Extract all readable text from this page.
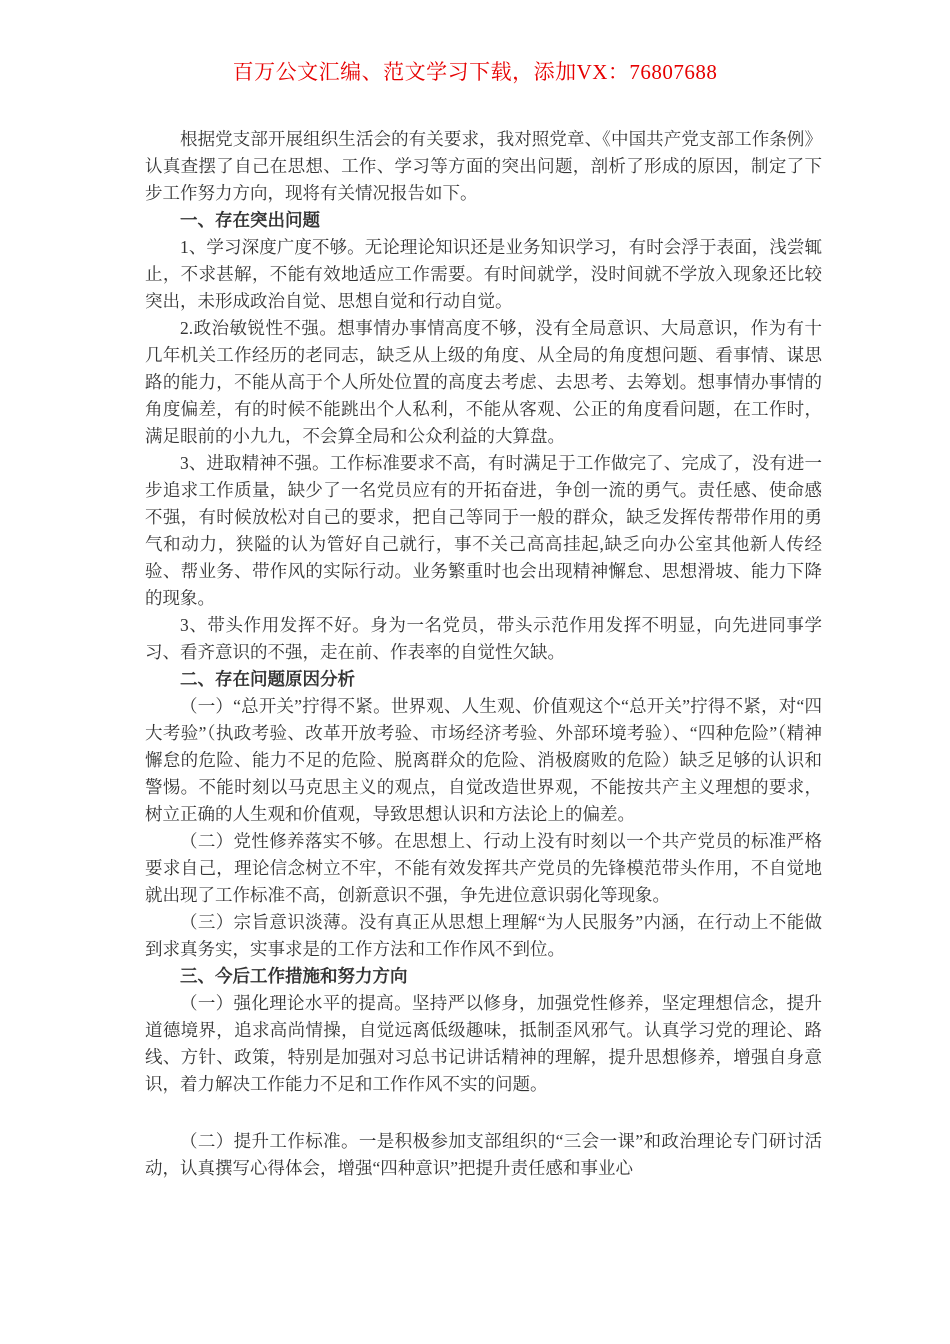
百万公文汇编、范文学习下载，添加VX：76807688

根据党支部开展组织生活会的有关要求，我对照党章、《中国共产党支部工作条例》认真查摆了自己在思想、工作、学习等方面的突出问题，剖析了形成的原因，制定了下步工作努力方向，现将有关情况报告如下。

一、存在突出问题

1、学习深度广度不够。无论理论知识还是业务知识学习，有时会浮于表面，浅尝辄止，不求甚解，不能有效地适应工作需要。有时间就学，没时间就不学放入现象还比较突出，未形成政治自觉、思想自觉和行动自觉。

2.政治敏锐性不强。想事情办事情高度不够，没有全局意识、大局意识，作为有十几年机关工作经历的老同志，缺乏从上级的角度、从全局的角度想问题、看事情、谋思路的能力，不能从高于个人所处位置的高度去考虑、去思考、去筹划。想事情办事情的角度偏差，有的时候不能跳出个人私利，不能从客观、公正的角度看问题，在工作时，满足眼前的小九九，不会算全局和公众利益的大算盘。

3、进取精神不强。工作标准要求不高，有时满足于工作做完了、完成了，没有进一步追求工作质量，缺少了一名党员应有的开拓奋进，争创一流的勇气。责任感、使命感不强，有时候放松对自己的要求，把自己等同于一般的群众，缺乏发挥传帮带作用的勇气和动力，狭隘的认为管好自己就行，事不关己高高挂起,缺乏向办公室其他新人传经验、帮业务、带作风的实际行动。业务繁重时也会出现精神懈怠、思想滑坡、能力下降的现象。

3、带头作用发挥不好。身为一名党员，带头示范作用发挥不明显，向先进同事学习、看齐意识的不强，走在前、作表率的自觉性欠缺。

二、存在问题原因分析

（一）“总开关”拧得不紧。世界观、人生观、价值观这个“总开关”拧得不紧，对“四大考验”（执政考验、改革开放考验、市场经济考验、外部环境考验）、“四种危险”（精神懈怠的危险、能力不足的危险、脱离群众的危险、消极腐败的危险）缺乏足够的认识和警惕。不能时刻以马克思主义的观点，自觉改造世界观，不能按共产主义理想的要求，树立正确的人生观和价值观，导致思想认识和方法论上的偏差。

（二）党性修养落实不够。在思想上、行动上没有时刻以一个共产党员的标准严格要求自己，理论信念树立不牢，不能有效发挥共产党员的先锋模范带头作用，不自觉地就出现了工作标准不高，创新意识不强，争先进位意识弱化等现象。

（三）宗旨意识淡薄。没有真正从思想上理解“为人民服务”内涵，在行动上不能做到求真务实，实事求是的工作方法和工作作风不到位。

三、今后工作措施和努力方向

（一）强化理论水平的提高。坚持严以修身，加强党性修养，坚定理想信念，提升道德境界，追求高尚情操，自觉远离低级趣味，抵制歪风邪气。认真学习党的理论、路线、方针、政策，特别是加强对习总书记讲话精神的理解，提升思想修养，增强自身意识，着力解决工作能力不足和工作作风不实的问题。

（二）提升工作标准。一是积极参加支部组织的“三会一课”和政治理论专门研讨活动，认真撰写心得体会，增强“四种意识”把提升责任感和事业心
